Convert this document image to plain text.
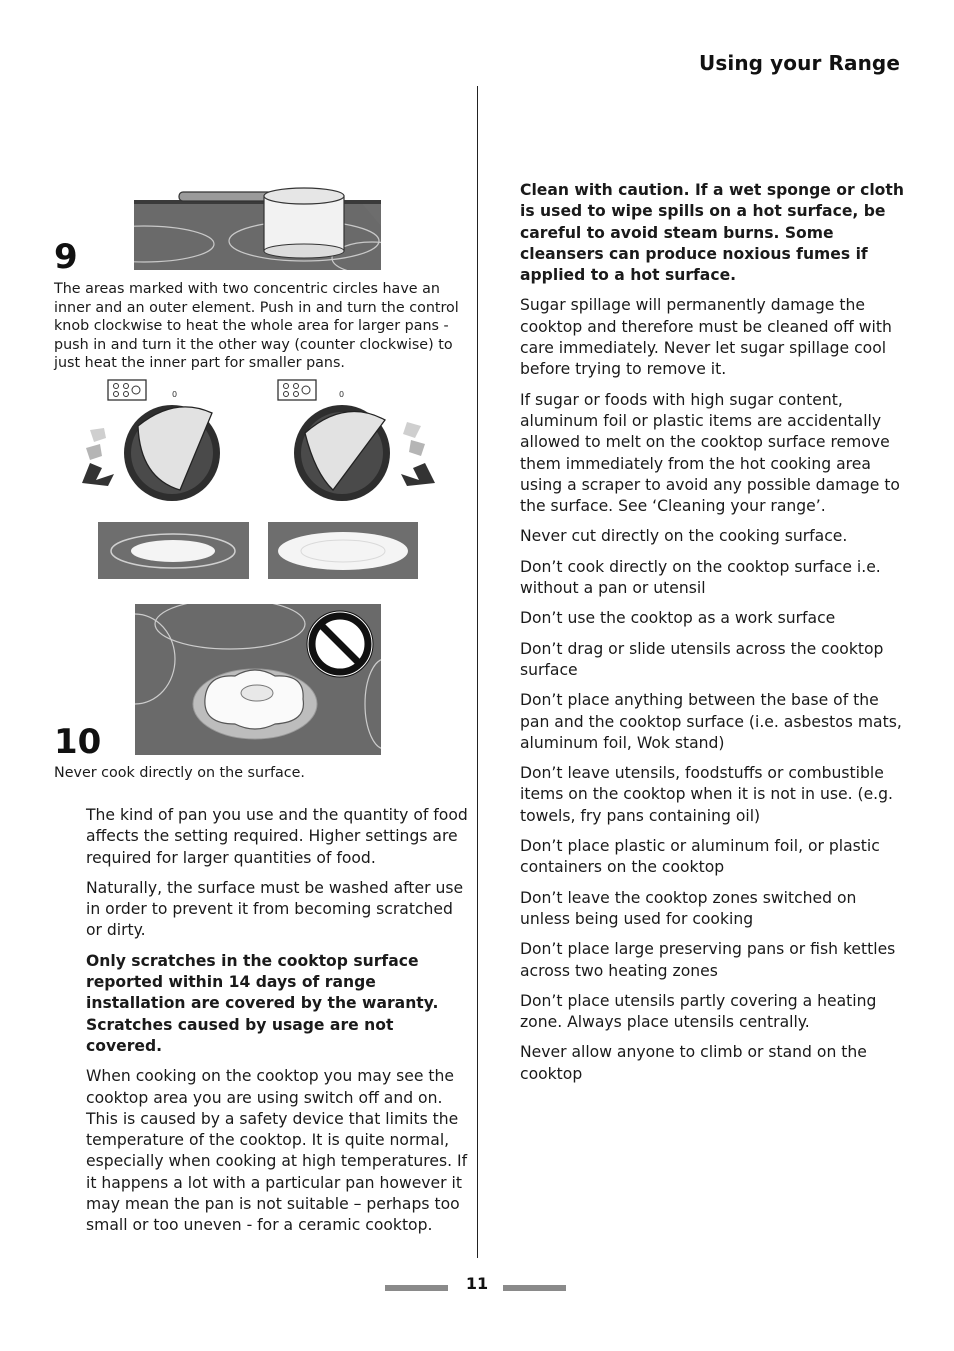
Using your Range
9
The areas marked with two concentric circles have an inner and an outer element. Push in and turn the control knob clockwise to heat the whole area for larger pans - push in and turn it the other way (counter clockwise) to just heat the inner part for smaller pans.
0	0
10
Never cook directly on the surface.

The kind of pan you use and the quantity of food affects the setting required. Higher settings are required for larger quantities of food.

Naturally, the surface must be washed after use in order to prevent it from becoming scratched or dirty.

Only scratches in the cooktop surface reported within 14 days of range installation are covered by the waranty. Scratches caused by usage are not covered.

When cooking on the cooktop you may see the cooktop area you are using switch off and on. This is caused by a safety device that limits the temperature of the cooktop. It is quite normal, especially when cooking at high temperatures. If it happens a lot with a particular pan however it may mean the pan is not suitable – perhaps too small or too uneven - for a ceramic cooktop.

Clean with caution. If a wet sponge or cloth is used to wipe spills on a hot surface, be careful to avoid steam burns. Some cleansers can produce noxious fumes if applied to a hot surface.

Sugar spillage will permanently damage the cooktop and therefore must be cleaned off with care immediately. Never let sugar spillage cool before trying to remove it.

If sugar or foods with high sugar content, aluminum foil or plastic items are accidentally allowed to melt on the cooktop surface remove them immediately from the hot cooking area using a scraper to avoid any possible damage to the surface. See ‘Cleaning your range’.

Never cut directly on the cooking surface.

Don’t cook directly on the cooktop surface i.e. without a pan or utensil

Don’t use the cooktop as a work surface

Don’t drag or slide utensils across the cooktop surface

Don’t place anything between the base of the pan and the cooktop surface (i.e. asbestos mats, aluminum foil, Wok stand)

Don’t leave utensils, foodstuffs or combustible items on the cooktop when it is not in use. (e.g. towels, fry pans containing oil)

Don’t place plastic or aluminum foil, or plastic containers on the cooktop

Don’t leave the cooktop zones switched on unless being used for cooking

Don’t place large preserving pans or fish kettles across two heating zones

Don’t place utensils partly covering a heating zone. Always place utensils centrally.

Never allow anyone to climb or stand on the cooktop

11
